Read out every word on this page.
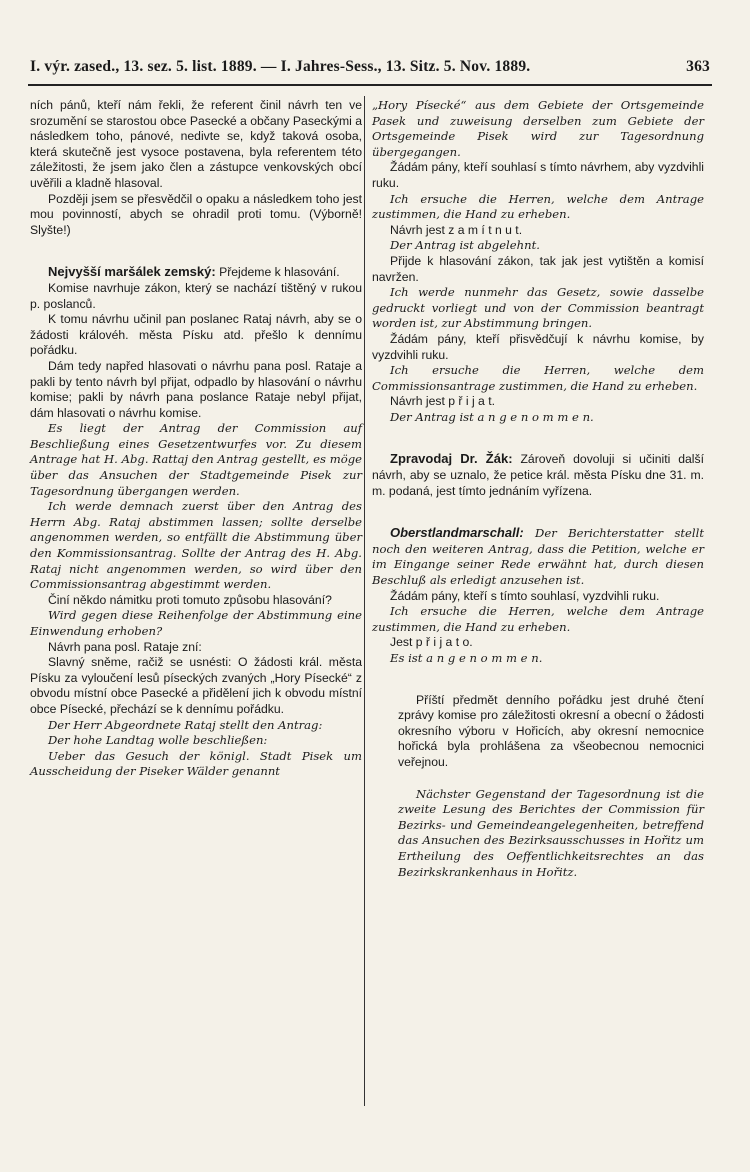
I. výr. zased., 13. sez. 5. list. 1889. — I. Jahres-Sess., 13. Sitz. 5. Nov. 1889.	363

ních pánů, kteří nám řekli, že referent činil návrh ten ve srozumění se starostou obce Pasecké a občany Paseckými a následkem toho, pánové, nedivte se, když taková osoba, která skutečně jest vysoce postavena, byla referentem této záležitosti, že jsem jako člen a zástupce venkovských obcí uvěřili a kladně hlasoval.

Později jsem se přesvědčil o opaku a následkem toho jest mou povinností, abych se ohradil proti tomu. (Výborně! Slyšte!)

Nejvyšší maršálek zemský: Přejdeme k hlasování.

Komise navrhuje zákon, který se nachází tištěný v rukou p. poslanců.

K tomu návrhu učinil pan poslanec Rataj návrh, aby se o žádosti královéh. města Písku atd. přešlo k dennímu pořádku.

Dám tedy napřed hlasovati o návrhu pana posl. Rataje a pakli by tento návrh byl přijat, odpadlo by hlasování o návrhu komise; pakli by návrh pana poslance Rataje nebyl přijat, dám hlasovati o návrhu komise.

Es liegt der Antrag der Commission auf Beschließung eines Gesetzentwurfes vor. Zu diesem Antrage hat H. Abg. Rattaj den Antrag gestellt, es möge über das Ansuchen der Stadtgemeinde Pisek zur Tagesordnung übergangen werden.

Ich werde demnach zuerst über den Antrag des Herrn Abg. Rataj abstimmen lassen; sollte derselbe angenommen werden, so entfällt die Abstimmung über den Kommissionsantrag. Sollte der Antrag des H. Abg. Rataj nicht angenommen werden, so wird über den Commissionsantrag abgestimmt werden.

Činí někdo námitku proti tomuto způsobu hlasování?

Wird gegen diese Reihenfolge der Abstimmung eine Einwendung erhoben?

Návrh pana posl. Rataje zní:

Slavný sněme, račiž se usnésti: O žádosti král. města Písku za vyloučení lesů píseckých zvaných „Hory Písecké“ z obvodu místní obce Pasecké a přidělení jich k obvodu místní obce Písecké, přechází se k dennímu pořádku.

Der Herr Abgeordnete Rataj stellt den Antrag:

Der hohe Landtag wolle beschließen:

Ueber das Gesuch der königl. Stadt Pisek um Ausscheidung der Piseker Wälder genannt

„Hory Písecké“ aus dem Gebiete der Ortsgemeinde Pasek und zuweisung derselben zum Gebiete der Ortsgemeinde Pisek wird zur Tagesordnung übergegangen.

Žádám pány, kteří souhlasí s tímto návrhem, aby vyzdvihli ruku.

Ich ersuche die Herren, welche dem Antrage zustimmen, die Hand zu erheben.

Návrh jest z a m í t n u t.

Der Antrag ist abgelehnt.

Přijde k hlasování zákon, tak jak jest vytištěn a komisí navržen.

Ich werde nunmehr das Gesetz, sowie dasselbe gedruckt vorliegt und von der Commission beantragt worden ist, zur Abstimmung bringen.

Žádám pány, kteří přisvědčují k návrhu komise, by vyzdvihli ruku.

Ich ersuche die Herren, welche dem Commissionsantrage zustimmen, die Hand zu erheben.

Návrh jest p ř i j a t.

Der Antrag ist a n g e n o m m e n.

Zpravodaj Dr. Žák: Zároveň dovoluji si učiniti další návrh, aby se uznalo, že petice král. města Písku dne 31. m. m. podaná, jest tímto jednáním vyřízena.

Oberstlandmarschall: Der Berichterstatter stellt noch den weiteren Antrag, dass die Petition, welche er im Eingange seiner Rede erwähnt hat, durch diesen Beschluß als erledigt anzusehen ist.

Žádám pány, kteří s tímto souhlasí, vyzdvihli ruku.

Ich ersuche die Herren, welche dem Antrage zustimmen, die Hand zu erheben.

Jest p ř i j a t o.

Es ist a n g e n o m m e n.

Příští předmět denního pořádku jest druhé čtení zprávy komise pro záležitosti okresní a obecní o žádosti okresního výboru v Hořicích, aby okresní nemocnice hořická byla prohlášena za všeobecnou nemocnici veřejnou.

Nächster Gegenstand der Tagesordnung ist die zweite Lesung des Berichtes der Commission für Bezirks- und Gemeindeangelegenheiten, betreffend das Ansuchen des Bezirksausschusses in Hořitz um Ertheilung des Oeffentlichkeitsrechtes an das Bezirkskrankenhaus in Hořitz.
